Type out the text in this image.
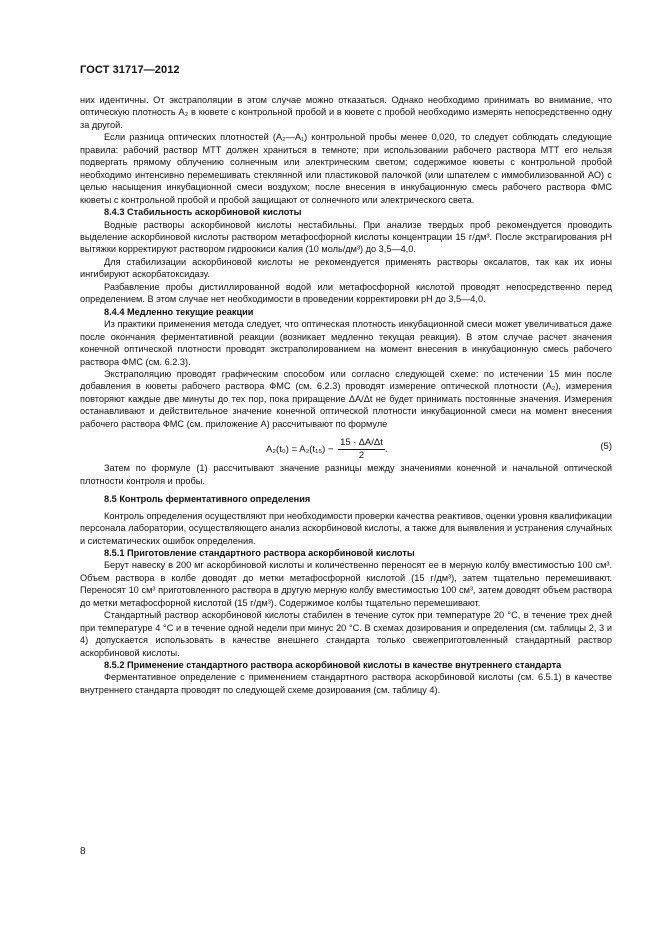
ГОСТ 31717—2012

них идентичны. От экстраполяции в этом случае можно отказаться. Однако необходимо принимать во внимание, что оптическую плотность A₂ в кювете с контрольной пробой и в кювете с пробой необходимо измерять непосредственно одну за другой.

Если разница оптических плотностей (A₂—A₁) контрольной пробы менее 0,020, то следует соблюдать следующие правила: рабочий раствор МТТ должен храниться в темноте; при использовании рабочего раствора МТТ его нельзя подвергать прямому облучению солнечным или электрическим светом; содержимое кюветы с контрольной пробой необходимо интенсивно перемешивать стеклянной или пластиковой палочкой (или шпателем с иммобилизованной АО) с целью насыщения инкубационной смеси воздухом; после внесения в инкубационную смесь рабочего раствора ФМС кюветы с контрольной пробой и пробой защищают от солнечного или электрического света.

8.4.3 Стабильность аскорбиновой кислоты

Водные растворы аскорбиновой кислоты нестабильны. При анализе твердых проб рекомендуется проводить выделение аскорбиновой кислоты раствором метафосфорной кислоты концентрации 15 г/дм³. После экстрагирования pH вытяжки корректируют раствором гидроокиси калия (10 моль/дм³) до 3,5—4,0.

Для стабилизации аскорбиновой кислоты не рекомендуется применять растворы оксалатов, так как их ионы ингибируют аскорбатоксидазу.

Разбавление пробы дистиллированной водой или метафосфорной кислотой проводят непосредственно перед определением. В этом случае нет необходимости в проведении корректировки pH до 3,5—4,0.

8.4.4 Медленно текущие реакции

Из практики применения метода следует, что оптическая плотность инкубационной смеси может увеличиваться даже после окончания ферментативной реакции (возникает медленно текущая реакция). В этом случае расчет значения конечной оптической плотности проводят экстраполированием на момент внесения в инкубационную смесь рабочего раствора ФМС (см. 6.2.3).

Экстраполяцию проводят графическим способом или согласно следующей схеме: по истечении 15 мин после добавления в кюветы рабочего раствора ФМС (см. 6.2.3) проводят измерение оптической плотности (A₂), измерения повторяют каждые две минуты до тех пор, пока приращение ΔA/Δt не будет принимать постоянные значения. Измерения останавливают и действительное значение конечной оптической плотности инкубационной смеси на момент внесения рабочего раствора ФМС (см. приложение А) рассчитывают по формуле

$A_2(t_0) = A_2(t_{15}) - \frac{15 \cdot \Delta A/\Delta t}{2}$ .	(5)

Затем по формуле (1) рассчитывают значение разницы между значениями конечной и начальной оптической плотности контроля и пробы.

8.5 Контроль ферментативного определения

Контроль определения осуществляют при необходимости проверки качества реактивов, оценки уровня квалификации персонала лаборатории, осуществляющего анализ аскорбиновой кислоты, а также для выявления и устранения случайных и систематических ошибок определения.

8.5.1 Приготовление стандартного раствора аскорбиновой кислоты

Берут навеску в 200 мг аскорбиновой кислоты и количественно переносят ее в мерную колбу вместимостью 100 см³. Объем раствора в колбе доводят до метки метафосфорной кислотой (15 г/дм³), затем тщательно перемешивают. Переносят 10 см³ приготовленного раствора в другую мерную колбу вместимостью 100 см³, затем доводят объем раствора до метки метафосфорной кислотой (15 г/дм³). Содержимое колбы тщательно перемешивают.

Стандартный раствор аскорбиновой кислоты стабилен в течение суток при температуре 20 °С, в течение трех дней при температуре 4 °С и в течение одной недели при минус 20 °С. В схемах дозирования и определения (см. таблицы 2, 3 и 4) допускается использовать в качестве внешнего стандарта только свежеприготовленный стандартный раствор аскорбиновой кислоты.

8.5.2 Применение стандартного раствора аскорбиновой кислоты в качестве внутреннего стандарта

Ферментативное определение с применением стандартного раствора аскорбиновой кислоты (см. 6.5.1) в качестве внутреннего стандарта проводят по следующей схеме дозирования (см. таблицу 4).

8
